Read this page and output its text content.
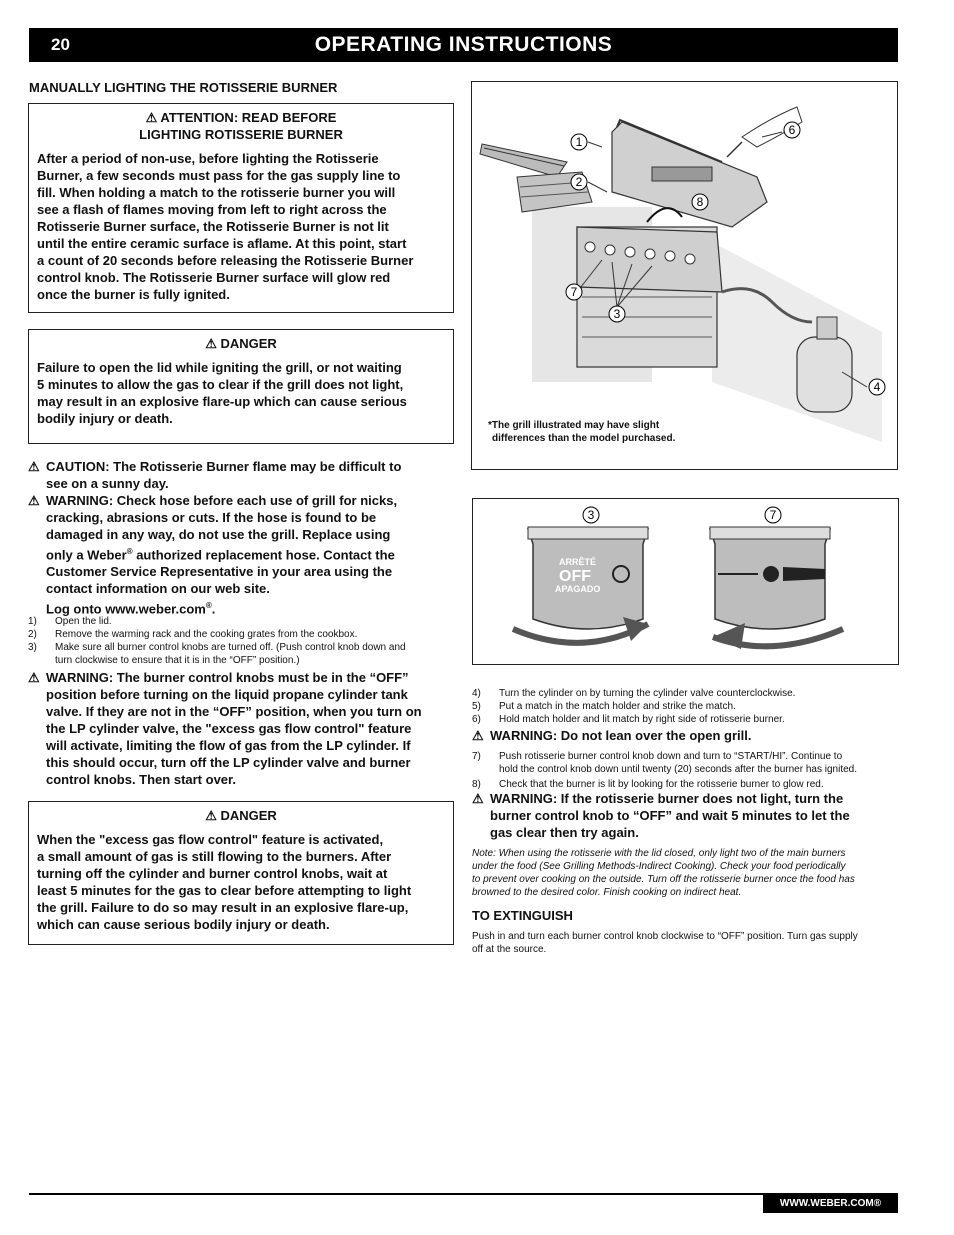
20	OPERATING INSTRUCTIONS
MANUALLY LIGHTING THE ROTISSERIE BURNER
⚠ ATTENTION: READ BEFORE
LIGHTING ROTISSERIE BURNER
After a period of non-use, before lighting the Rotisserie
Burner, a few seconds must pass for the gas supply line to
fill. When holding a match to the rotisserie burner you will
see a flash of flames moving from left to right across the
Rotisserie Burner surface, the Rotisserie Burner is not lit
until the entire ceramic surface is aflame. At this point, start
a count of 20 seconds before releasing the Rotisserie Burner
control knob. The Rotisserie Burner surface will glow red
once the burner is fully ignited.
⚠ DANGER
Failure to open the lid while igniting the grill, or not waiting
5 minutes to allow the gas to clear if the grill does not light,
may result in an explosive flare-up which can cause serious
bodily injury or death.
⚠ CAUTION: The Rotisserie Burner flame may be difficult to
see on a sunny day.
⚠ WARNING: Check hose before each use of grill for nicks,
cracking, abrasions or cuts. If the hose is found to be
damaged in any way, do not use the grill. Replace using
only a Weber® authorized replacement hose. Contact the
Customer Service Representative in your area using the
contact information on our web site.
Log onto www.weber.com®.
1) Open the lid.
2) Remove the warming rack and the cooking grates from the cookbox.
3) Make sure all burner control knobs are turned off. (Push control knob down and
turn clockwise to ensure that it is in the “OFF” position.)
⚠ WARNING: The burner control knobs must be in the “OFF”
position before turning on the liquid propane cylinder tank
valve. If they are not in the “OFF” position, when you turn on
the LP cylinder valve, the "excess gas flow control" feature
will activate, limiting the flow of gas from the LP cylinder. If
this should occur, turn off the LP cylinder valve and burner
control knobs. Then start over.
⚠ DANGER
When the "excess gas flow control" feature is activated,
a small amount of gas is still flowing to the burners. After
turning off the cylinder and burner control knobs, wait at
least 5 minutes for the gas to clear before attempting to light
the grill. Failure to do so may result in an explosive flare-up,
which can cause serious bodily injury or death.
1
2
3
4
6
7
8
*The grill illustrated may have slight
differences than the model purchased.
ARRÊTÉ
OFF
APAGADO
3	7
4) Turn the cylinder on by turning the cylinder valve counterclockwise.
5) Put a match in the match holder and strike the match.
6) Hold match holder and lit match by right side of rotisserie burner.
⚠ WARNING: Do not lean over the open grill.
7) Push rotisserie burner control knob down and turn to “START/HI”. Continue to
hold the control knob down until twenty (20) seconds after the burner has ignited.
8) Check that the burner is lit by looking for the rotisserie burner to glow red.
⚠ WARNING: If the rotisserie burner does not light, turn the
burner control knob to “OFF” and wait 5 minutes to let the
gas clear then try again.
Note: When using the rotisserie with the lid closed, only light two of the main burners
under the food (See Grilling Methods-Indirect Cooking). Check your food periodically
to prevent over cooking on the outside. Turn off the rotisserie burner once the food has
browned to the desired color. Finish cooking on indirect heat.
TO EXTINGUISH
Push in and turn each burner control knob clockwise to “OFF” position. Turn gas supply
off at the source.
WWW.WEBER.COM®
